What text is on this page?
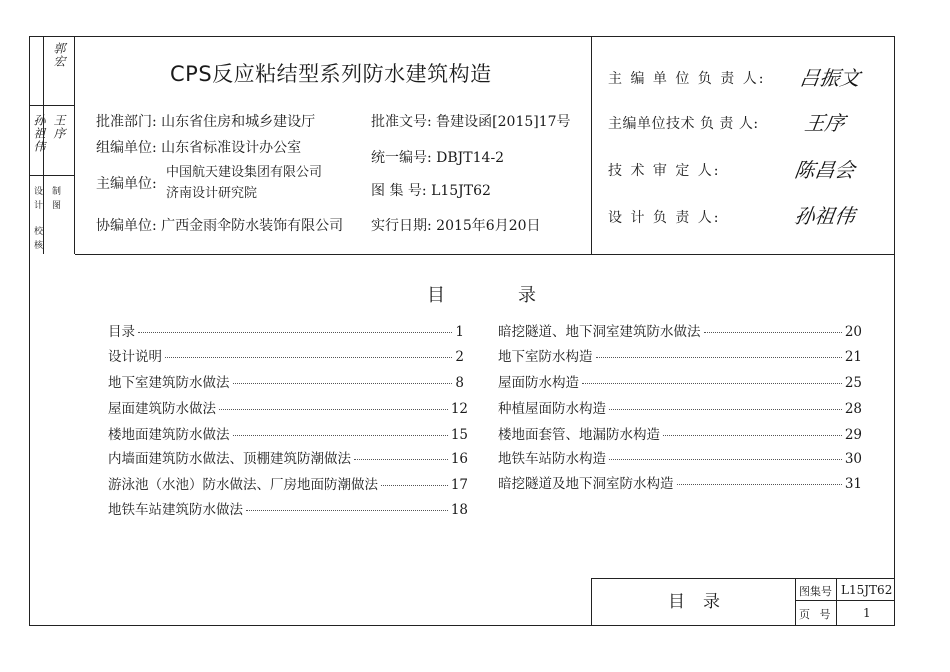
校 核
设 计 制 图
郭宏
王序
孙祖伟
CPS反应粘结型系列防水建筑构造
批准部门: 山东省住房和城乡建设厅
组编单位: 山东省标准设计办公室
主编单位:
中国航天建设集团有限公司
济南设计研究院
协编单位: 广西金雨伞防水装饰有限公司
批准文号: 鲁建设函[2015]17号
统一编号: DBJT14-2
图 集 号: L15JT62
实行日期: 2015年6月20日
主 编 单 位 负 责 人: 吕振文
主编单位技术 负 责 人: 王序
技 术 审 定 人:	陈昌会
设 计 负 责 人:	孙祖伟
目	录
目录	1
设计说明	2
地下室建筑防水做法	8
屋面建筑防水做法	12
楼地面建筑防水做法	15
内墙面建筑防水做法、顶棚建筑防潮做法	16
游泳池（水池）防水做法、厂房地面防潮做法	17
地铁车站建筑防水做法	18
暗挖隧道、地下洞室建筑防水做法	20
地下室防水构造	21
屋面防水构造	25
种植屋面防水构造	28
楼地面套管、地漏防水构造	29
地铁车站防水构造	30
暗挖隧道及地下洞室防水构造	31
目录
图集号 L15JT62
页 号 1
